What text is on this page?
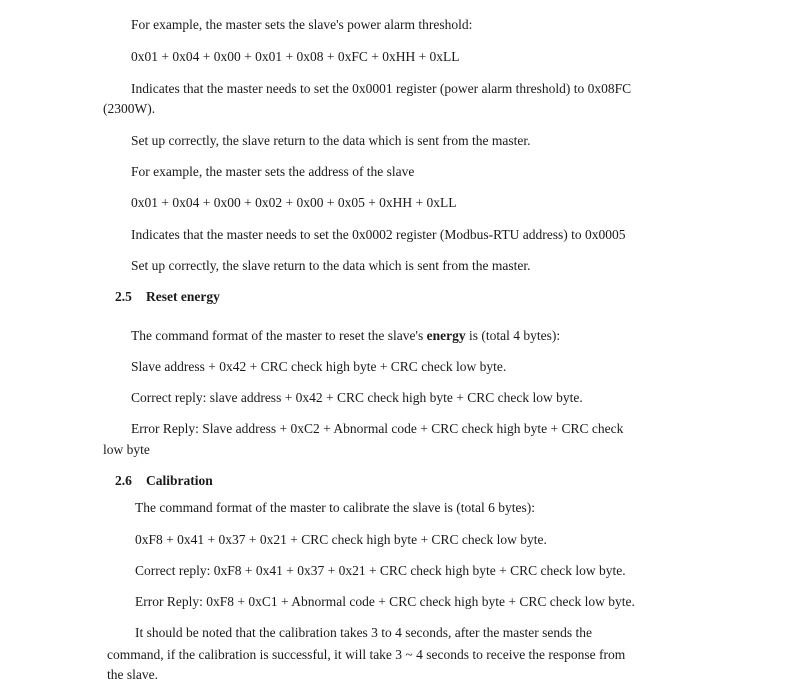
For example, the master sets the slave's power alarm threshold:
0x01 + 0x04 + 0x00 + 0x01 + 0x08 + 0xFC + 0xHH + 0xLL
Indicates that the master needs to set the 0x0001 register (power alarm threshold) to 0x08FC
(2300W).
Set up correctly, the slave return to the data which is sent from the master.
For example, the master sets the address of the slave
0x01 + 0x04 + 0x00 + 0x02 + 0x00 + 0x05 + 0xHH + 0xLL
Indicates that the master needs to set the 0x0002 register (Modbus-RTU address) to 0x0005
Set up correctly, the slave return to the data which is sent from the master.
2.5 Reset energy
The command format of the master to reset the slave's energy is (total 4 bytes):
Slave address + 0x42 + CRC check high byte + CRC check low byte.
Correct reply: slave address + 0x42 + CRC check high byte + CRC check low byte.
Error Reply: Slave address + 0xC2 + Abnormal code + CRC check high byte + CRC check
low byte
2.6 Calibration
The command format of the master to calibrate the slave is (total 6 bytes):
0xF8 + 0x41 + 0x37 + 0x21 + CRC check high byte + CRC check low byte.
Correct reply: 0xF8 + 0x41 + 0x37 + 0x21 + CRC check high byte + CRC check low byte.
Error Reply: 0xF8 + 0xC1 + Abnormal code + CRC check high byte + CRC check low byte.
It should be noted that the calibration takes 3 to 4 seconds, after the master sends the
command, if the calibration is successful, it will take 3 ~ 4 seconds to receive the response from
the slave.
